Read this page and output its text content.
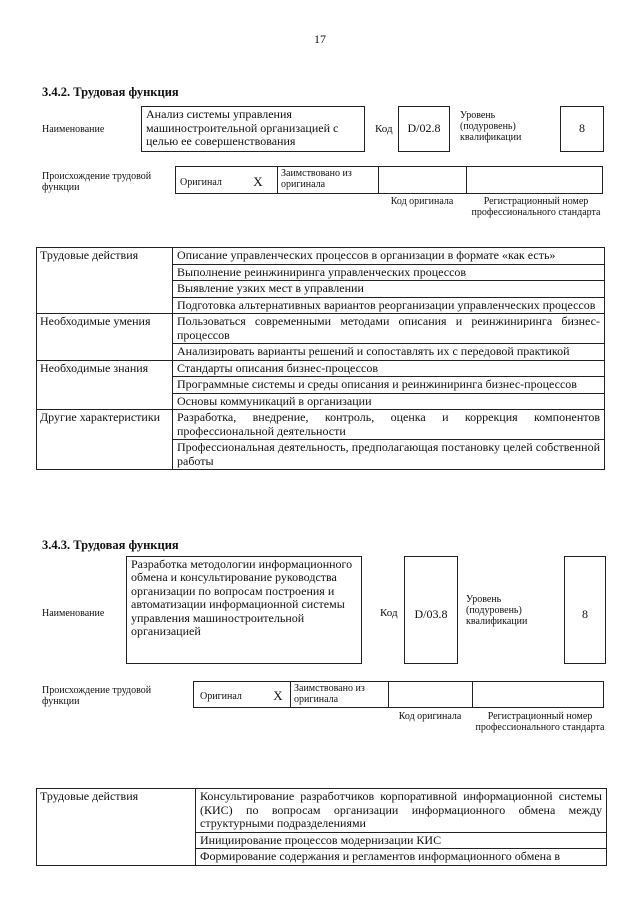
17
3.4.2. Трудовая функция
Наименование
Анализ системы управления машиностроительной организацией с целью ее совершенствования
Код	D/02.8
Уровень (подуровень) квалификации
8
Происхождение трудовой функции	Оригинал	X
Заимствовано из оригинала
Код оригинала	Регистрационный номер профессионального стандарта
Трудовые действия	Описание управленческих процессов в организации в формате «как есть»
	Выполнение реинжиниринга управленческих процессов
	Выявление узких мест в управлении
	Подготовка альтернативных вариантов реорганизации управленческих процессов
Необходимые умения	Пользоваться современными методами описания и реинжиниринга бизнес-процессов
	Анализировать варианты решений и сопоставлять их с передовой практикой
Необходимые знания	Стандарты описания бизнес-процессов
	Программные системы и среды описания и реинжиниринга бизнес-процессов
	Основы коммуникаций в организации
Другие характеристики	Разработка, внедрение, контроль, оценка и коррекция компонентов профессиональной деятельности
	Профессиональная деятельность, предполагающая постановку целей собственной работы
3.4.3. Трудовая функция
Наименование
Разработка методологии информационного обмена и консультирование руководства организации по вопросам построения и автоматизации информационной системы управления машиностроительной организацией
Код	D/03.8
Уровень (подуровень) квалификации
8
Происхождение трудовой функции	Оригинал	X	Заимствовано из оригинала
Код оригинала	Регистрационный номер профессионального стандарта
Трудовые действия	Консультирование разработчиков корпоративной информационной системы (КИС) по вопросам организации информационного обмена между структурными подразделениями
Инициирование процессов модернизации КИС
Формирование содержания и регламентов информационного обмена в
